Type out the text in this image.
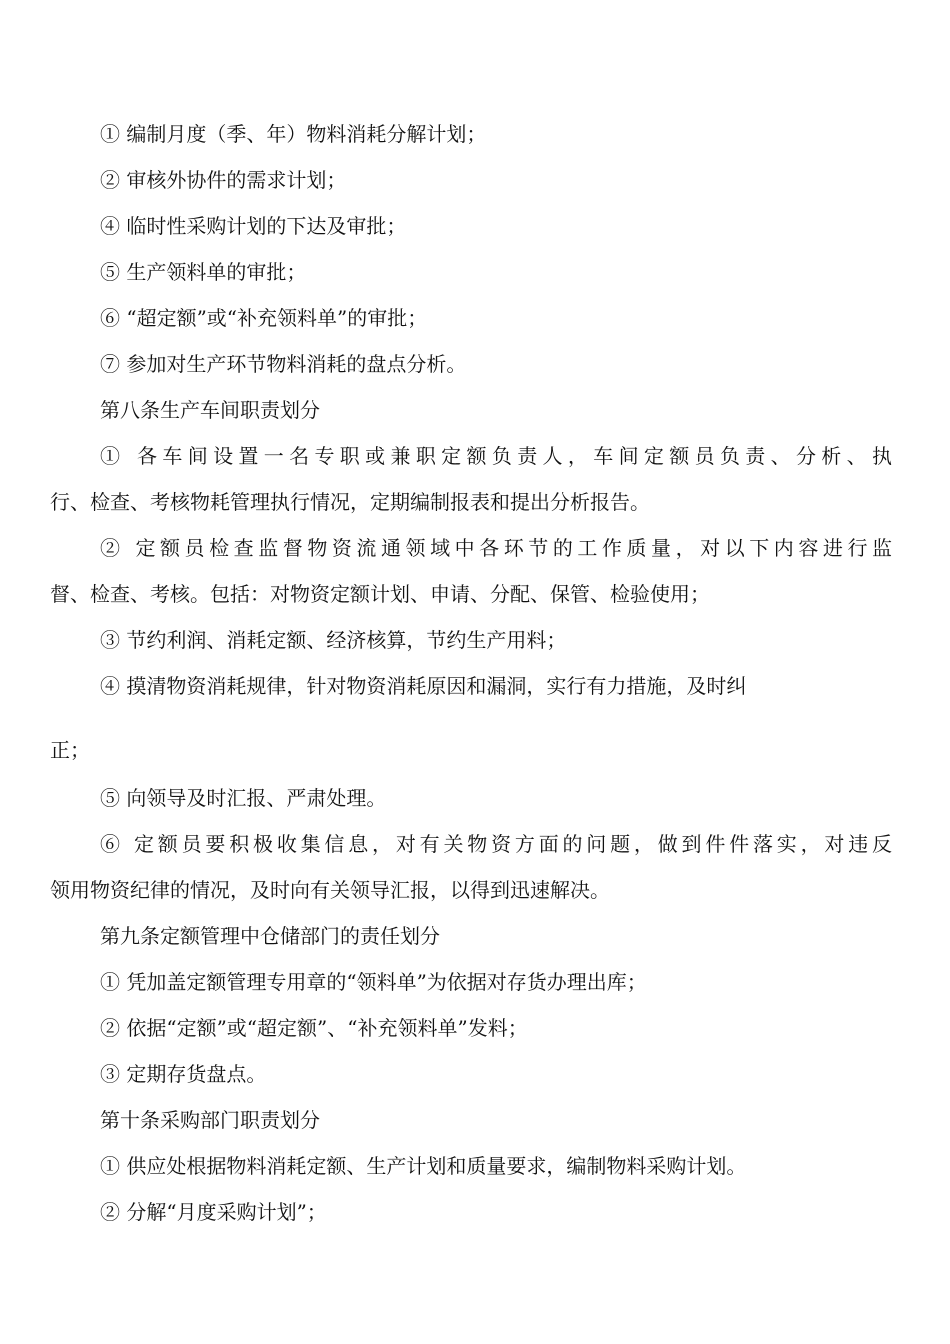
① 编制月度（季、年）物料消耗分解计划；
② 审核外协件的需求计划；
④ 临时性采购计划的下达及审批；
⑤ 生产领料单的审批；
⑥ “超定额”或“补充领料单”的审批；
⑦ 参加对生产环节物料消耗的盘点分析。
第八条生产车间职责划分
① 各车间设置一名专职或兼职定额负责人，车间定额员负责、分析、执
行、检查、考核物耗管理执行情况，定期编制报表和提出分析报告。
② 定额员检查监督物资流通领域中各环节的工作质量，对以下内容进行监
督、检查、考核。包括：对物资定额计划、申请、分配、保管、检验使用；
③ 节约利润、消耗定额、经济核算，节约生产用料；
④ 摸清物资消耗规律，针对物资消耗原因和漏洞，实行有力措施，及时纠
正；
⑤ 向领导及时汇报、严肃处理。
⑥ 定额员要积极收集信息，对有关物资方面的问题，做到件件落实，对违反
领用物资纪律的情况，及时向有关领导汇报，以得到迅速解决。
第九条定额管理中仓储部门的责任划分
① 凭加盖定额管理专用章的“领料单”为依据对存货办理出库；
② 依据“定额”或“超定额”、“补充领料单”发料；
③ 定期存货盘点。
第十条采购部门职责划分
① 供应处根据物料消耗定额、生产计划和质量要求，编制物料采购计划。
② 分解“月度采购计划”；
